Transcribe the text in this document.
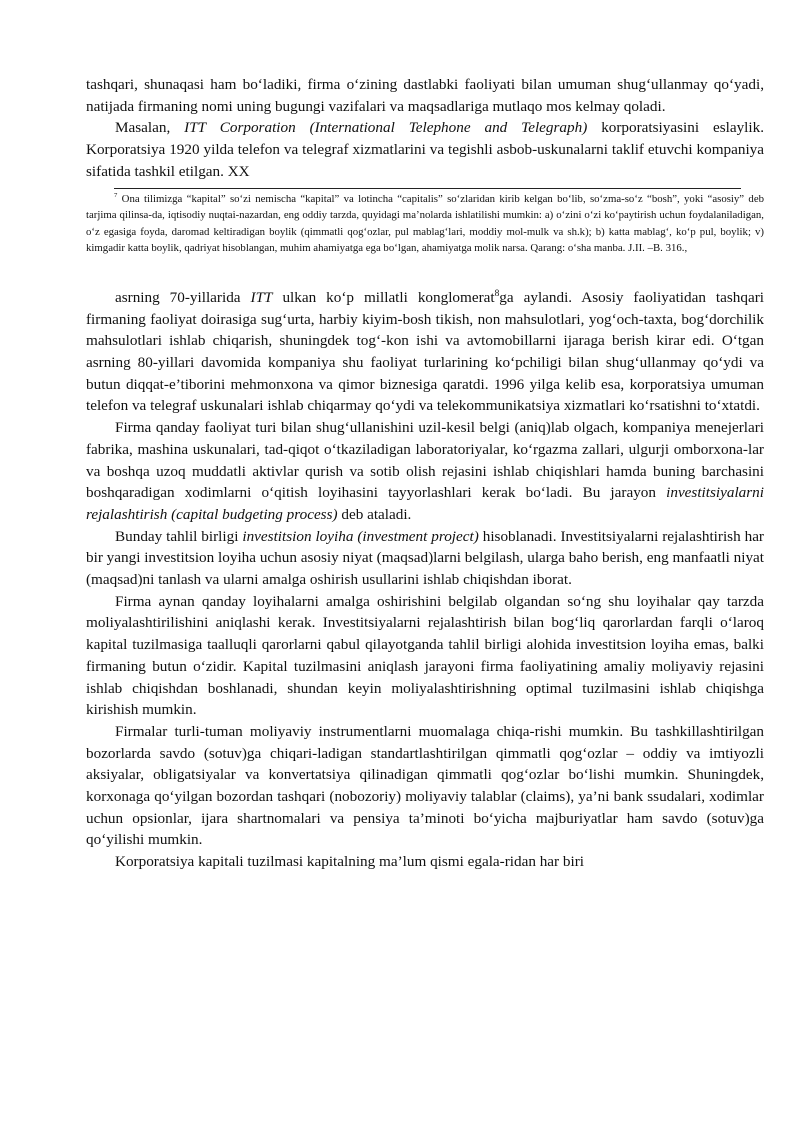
tashqari, shunaqasi ham bo‘ladiki, firma o‘zining dastlabki faoliyati bilan umuman shug‘ullanmay qo‘yadi, natijada firmaning nomi uning bugungi vazifalari va maqsadlariga mutlaqo mos kelmay qoladi.

Masalan, ITT Corporation (International Telephone and Telegraph) korporatsiyasini eslaylik. Korporatsiya 1920 yilda telefon va telegraf xizmatlarini va tegishli asbob-uskunalarni taklif etuvchi kompaniya sifatida tashkil etilgan. XX

$^7$ Ona tilimizga “kapital” so‘zi nemischa “kapital” va lotincha “capitalis” so‘zlaridan kirib kelgan bo‘lib, so‘zma-so‘z “bosh”, yoki “asosiy” deb tarjima qilinsa-da, iqtisodiy nuqtai-nazardan, eng oddiy tarzda, quyidagi ma’nolarda ishlatilishi mumkin: a) o‘zini o‘zi ko‘paytirish uchun foydalaniladigan, o‘z egasiga foyda, daromad keltiradigan boylik (qimmatli qog‘ozlar, pul mablag‘lari, moddiy mol-mulk va sh.k); b) katta mablag‘, ko‘p pul, boylik; v) kimgadir katta boylik, qadriyat hisoblangan, muhim ahamiyatga ega bo‘lgan, ahamiyatga molik narsa. Qarang: o‘sha manba. J.II. –B. 316.,

asrning 70-yillarida ITT ulkan ko‘p millatli konglomerat$^8$ga aylandi. Asosiy faoliyatidan tashqari firmaning faoliyat doirasiga sug‘urta, harbiy kiyim-bosh tikish, non mahsulotlari, yog‘och-taxta, bog‘dorchilik mahsulotlari ishlab chiqarish, shuningdek tog‘-kon ishi va avtomobillarni ijaraga berish kirar edi. O‘tgan asrning 80-yillari davomida kompaniya shu faoliyat turlarining ko‘pchiligi bilan shug‘ullanmay qo‘ydi va butun diqqat-e’tiborini mehmonxona va qimor biznesiga qaratdi. 1996 yilga kelib esa, korporatsiya umuman telefon va telegraf uskunalari ishlab chiqarmay qo‘ydi va telekommunikatsiya xizmatlari ko‘rsatishni to‘xtatdi.

Firma qanday faoliyat turi bilan shug‘ullanishini uzil-kesil belgi (aniq)lab olgach, kompaniya menejerlari fabrika, mashina uskunalari, tad-qiqot o‘tkaziladigan laboratoriyalar, ko‘rgazma zallari, ulgurji omborxona-lar va boshqa uzoq muddatli aktivlar qurish va sotib olish rejasini ishlab chiqishlari hamda buning barchasini boshqaradigan xodimlarni o‘qitish loyihasini tayyorlashlari kerak bo‘ladi. Bu jarayon investitsiyalarni rejalashtirish (capital budgeting process) deb ataladi.

Bunday tahlil birligi investitsion loyiha (investment project) hisoblanadi. Investitsiyalarni rejalashtirish har bir yangi investitsion loyiha uchun asosiy niyat (maqsad)larni belgilash, ularga baho berish, eng manfaatli niyat (maqsad)ni tanlash va ularni amalga oshirish usullarini ishlab chiqishdan iborat.

Firma aynan qanday loyihalarni amalga oshirishini belgilab olgandan so‘ng shu loyihalar qay tarzda moliyalashtirilishini aniqlashi kerak. Investitsiyalarni rejalashtirish bilan bog‘liq qarorlardan farqli o‘laroq kapital tuzilmasiga taalluqli qarorlarni qabul qilayotganda tahlil birligi alohida investitsion loyiha emas, balki firmaning butun o‘zidir. Kapital tuzilmasini aniqlash jarayoni firma faoliyatining amaliy moliyaviy rejasini ishlab chiqishdan boshlanadi, shundan keyin moliyalashtirishning optimal tuzilmasini ishlab chiqishga kirishish mumkin.

Firmalar turli-tuman moliyaviy instrumentlarni muomalaga chiqa-rishi mumkin. Bu tashkillashtirilgan bozorlarda savdo (sotuv)ga chiqari-ladigan standartlashtirilgan qimmatli qog‘ozlar – oddiy va imtiyozli aksiyalar, obligatsiyalar va konvertatsiya qilinadigan qimmatli qog‘ozlar bo‘lishi mumkin. Shuningdek, korxonaga qo‘yilgan bozordan tashqari (nobozoriy) moliyaviy talablar (claims), ya’ni bank ssudalari, xodimlar uchun opsionlar, ijara shartnomalari va pensiya ta’minoti bo‘yicha majburiyatlar ham savdo (sotuv)ga qo‘yilishi mumkin.

Korporatsiya kapitali tuzilmasi kapitalning ma’lum qismi egala-ridan har biri
